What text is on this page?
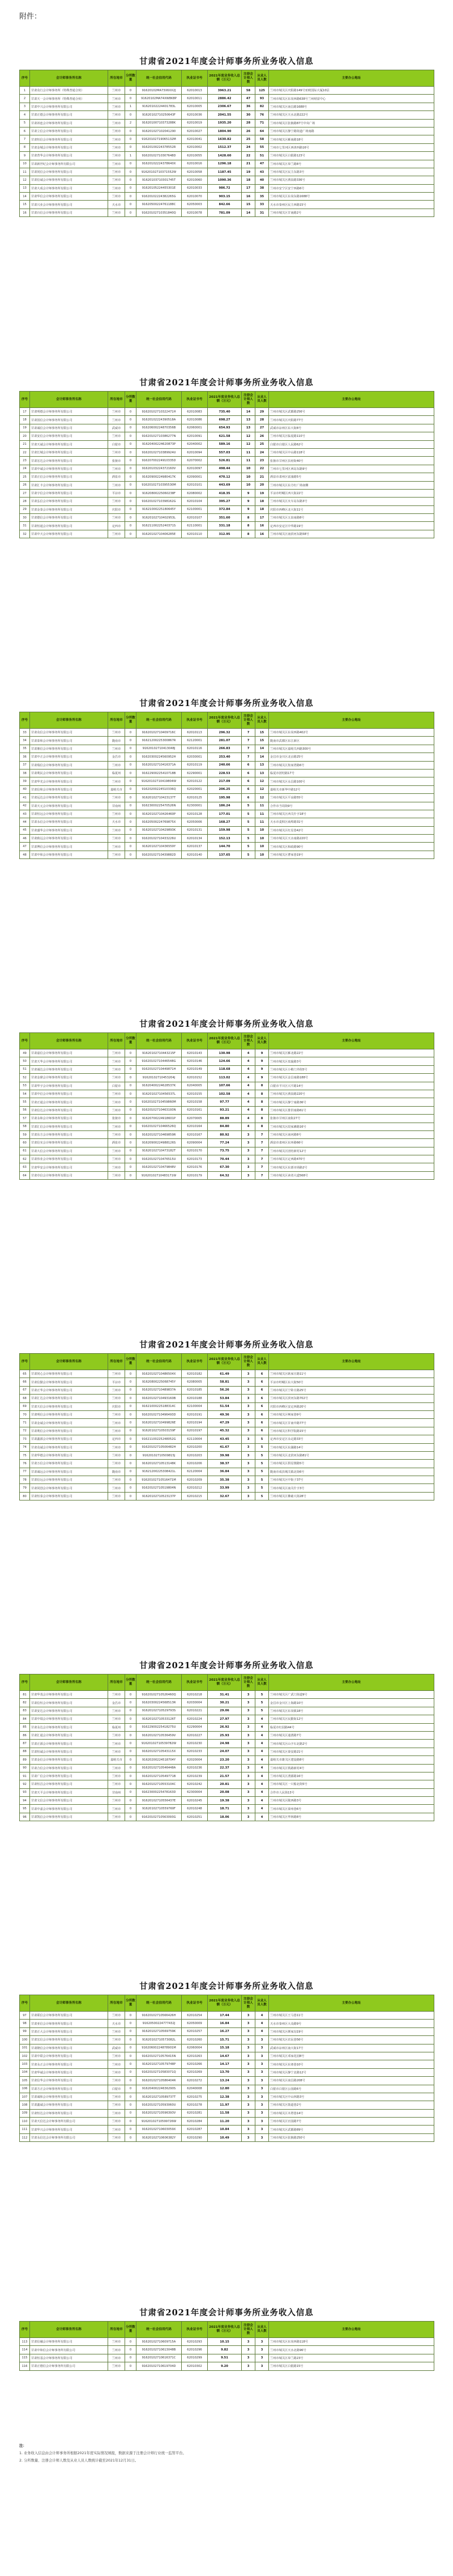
附件：
甘肃省2021年度会计师事务所业务收入信息
序号	会计师事务所名称	所在地市	分所数量	统一社会信用代码	执业证书号	2021年度业务收入总额（万元）	注册会计师人数	从业人员人数	主要办公地址
1	甘肃众行会计师事务所（特殊普通合伙）	兰州市	0	91620102MA73X6XX2J	62010013	3963.21	58	125	兰州市城关区庆阳路149号亚欧国际大厦10层
2	甘肃天一会计师事务所（特殊普通合伙）	兰州市	0	91620102MA74XW8K8P	62010011	2886.42	47	93	兰州市城关区东岗西路638号兰州财富中心
3	甘肃中兴会计师事务所有限公司	兰州市	1	91620102224401783L	62010005	2306.67	36	82	兰州市城关区南昌路1688号
4	甘肃正德会计师事务所有限公司	兰州市	0	91620102710250643F	62010036	2041.55	30	76	兰州市城关区天水北路222号
5	甘肃祁连会计师事务所有限公司	兰州市	2	91620100710373288K	62010019	1935.20	28	71	兰州市城关区张掖路87号中央广场
6	甘肃立信会计师事务所有限公司	兰州市	0	916201027102041290	62010027	1804.90	26	64	兰州市城关区静宁路街道广场南路
7	甘肃恒信会计师事务所有限公司	兰州市	0	91620102719065132M	62010041	1630.82	25	58	兰州市城关区雁南路18号
8	甘肃金城会计师事务所有限公司	兰州市	0	91620100224378552R	62010002	1512.37	24	55	兰州市七里河区西津西路16号
9	甘肃普华会计师事务所有限公司	兰州市	1	91620102710307648D	62010055	1428.60	22	51	兰州市城关区白银路123号
10	甘肃新世纪会计师事务所有限公司	兰州市	0	91620102224378640X	62010016	1296.18	21	47	兰州市城关区皋兰路8号
11	甘肃同信会计师事务所有限公司	兰州市	0	91620102710371552W	62010058	1187.45	19	43	兰州市城关区民主东路3号
12	甘肃信诚会计师事务所有限公司	兰州市	0	91620103710301745T	62010060	1090.36	18	40	兰州市城关区酒泉路336号
13	甘肃大成会计师事务所有限公司	兰州市	0	91620105224455301E	62010033	986.72	17	38	兰州市安宁区安宁西路6号
14	甘肃华信会计师事务所有限公司	兰州市	0	91620102224382265G	62010070	903.15	16	35	兰州市城关区东岗东路1688号
15	甘肃兴业会计师事务所有限公司	天水市	0	91620500224761188C	62050003	842.66	15	33	天水市秦州区民主西路15号
16	甘肃百信会计师事务所有限公司	兰州市	0	91620102710351840Q	62010078	781.09	14	31	兰州市城关区甘南路2号
甘肃省2021年度会计师事务所业务收入信息
序号	会计师事务所名称	所在地市	分所数量	统一社会信用代码	执业证书号	2021年度业务收入总额（万元）	注册会计师人数	从业人员人数	主要办公地址
17	甘肃明德会计师事务所有限公司	兰州市	0	91620102710322471H	62010083	735.40	14	29	兰州市城关区武都路256号
18	甘肃国信会计师事务所有限公司	兰州市	0	91620102224390518A	62010086	698.27	13	28	兰州市城关区庆阳路77号
19	甘肃诚信会计师事务所有限公司	武威市	0	91620600224870356B	62060001	654.93	13	27	武威市凉州区东大街8号
20	甘肃安信会计师事务所有限公司	兰州市	0	91620102710386277N	62010091	621.58	12	26	兰州市城关区临夏路110号
21	甘肃天诚会计师事务所有限公司	白银市	0	91620400224620873P	62040002	589.16	12	25	白银市白银区人民路62号
22	甘肃长城会计师事务所有限公司	兰州市	0	91620102710389924U	62010094	557.03	11	24	兰州市城关区中山路118号
23	甘肃宏达会计师事务所有限公司	张掖市	0	91620700224910335D	62070002	526.81	11	23	张掖市甘州区县府街40号
24	甘肃中诚会计师事务所有限公司	兰州市	0	91620103224372160V	62010097	498.44	10	22	兰州市七里河区西站东路9号
25	甘肃正信会计师事务所有限公司	酒泉市	0	91620900224980417K	62090001	470.12	10	21	酒泉市肃州区富康路5号
26	甘肃汇丰会计师事务所有限公司	兰州市	0	91620102710395530M	62010101	443.69	10	20	兰州市城关区东方红广场南侧
27	甘肃宇信会计师事务所有限公司	平凉市	0	91620800225060238F	62080002	418.35	9	19	平凉市崆峒区西大街22号
28	甘肃弘信会计师事务所有限公司	兰州市	0	91620102710398162G	62010104	395.27	9	18	兰州市城关区火车站东路3号
29	甘肃金泰会计师事务所有限公司	庆阳市	0	91621000225180645Y	62100001	372.84	9	18	庆阳市西峰区北大街11号
30	甘肃德信会计师事务所有限公司	兰州市	0	91620102710402953L	62010107	351.60	8	17	兰州市城关区五泉南路8号
31	甘肃恒通会计师事务所有限公司	定西市	0	91621100225240371S	62110001	331.18	8	16	定西市安定区中华路19号
32	甘肃中天会计师事务所有限公司	兰州市	0	91620102710406285E	62010110	312.95	8	16	兰州市城关区南滨河东路58号
甘肃省2021年度会计师事务所业务收入信息
序号	会计师事务所名称	所在地市	分所数量	统一社会信用代码	执业证书号	2021年度业务收入总额（万元）	注册会计师人数	从业人员人数	主要办公地址
33	甘肃众信会计师事务所有限公司	兰州市	0	91620102710409716C	62010113	296.32	7	15	兰州市城关区东岗西路402号
34	甘肃泰和会计师事务所有限公司	陇南市	0	91621200225300867R	62120001	281.07	7	15	陇南市武都区东江新区
35	甘肃鼎信会计师事务所有限公司	兰州市	0	91620102710413048J	62010116	266.83	7	14	兰州市城关区嘉峪关西路300号
36	甘肃中正会计师事务所有限公司	金昌市	0	91620300224560952H	62030001	253.40	7	14	金昌市金川区北京路25号
37	甘肃瑞信会计师事务所有限公司	兰州市	0	91620102710416371A	62010119	240.66	6	13	兰州市城关区焦家湾路6号
38	甘肃利民会计师事务所有限公司	临夏州	0	91622900225410718B	62290001	228.53	6	13	临夏市团结路17号
39	甘肃华光会计师事务所有限公司	兰州市	0	91620102710419804W	62010122	217.09	6	12	兰州市城关区永昌路100号
40	甘肃信和会计师事务所有限公司	嘉峪关市	0	91620200224510336Q	62020001	206.25	6	12	嘉峪关市新华中路12号
41	甘肃远达会计师事务所有限公司	兰州市	0	91620102710423137T	62010125	195.98	6	12	兰州市城关区平凉路55号
42	甘肃天元会计师事务所有限公司	甘南州	0	91623000225470526N	62300001	186.24	5	11	合作市当周街9号
43	甘肃恒远会计师事务所有限公司	兰州市	0	91620102710426460P	62010128	177.01	5	11	兰州市城关区西关什字18号
44	甘肃永信会计师事务所有限公司	天水市	0	91620500224769875X	62050006	168.27	5	11	天水市麦积区商埠路31号
45	甘肃盛华会计师事务所有限公司	兰州市	0	91620102710429893K	62010131	159.98	5	10	兰州市城关区红星巷42号
46	甘肃致远会计师事务所有限公司	兰州市	0	91620102710433226U	62010134	152.13	5	10	兰州市城关区天水南路220号
47	甘肃博信会计师事务所有限公司	兰州市	0	91620102710436559Y	62010137	144.70	5	10	兰州市城关区和政路90号
48	甘肃中和会计师事务所有限公司	兰州市	0	91620102710439882D	62010140	137.65	5	10	兰州市城关区曹家巷19号
甘肃省2021年度会计师事务所业务收入信息
序号	会计师事务所名称	所在地市	分所数量	统一社会信用代码	执业证书号	2021年度业务收入总额（万元）	注册会计师人数	从业人员人数	主要办公地址
49	甘肃嘉信会计师事务所有限公司	兰州市	0	91620102710443215F	62010143	130.98	4	9	兰州市城关区雁北路22号
50	甘肃天华会计师事务所有限公司	兰州市	0	91620102710446548G	62010146	124.66	4	9	兰州市城关区盘旋路3号
51	甘肃诚达会计师事务所有限公司	兰州市	0	91620102710449871H	62010149	118.68	4	9	兰州市城关区小稍门外街5号
52	甘肃金鼎会计师事务所有限公司	兰州市	0	91620102710453204J	62010152	113.02	4	9	兰州市城关区金昌南路188号
53	甘肃华宇会计师事务所有限公司	白银市	0	91620400224628537K	62040005	107.66	4	8	白银市平川区兴平路14号
54	甘肃中信会计师事务所有限公司	兰州市	0	91620102710456537L	62010155	102.58	4	8	兰州市城关区酒泉路220号
55	甘肃正通会计师事务所有限公司	兰州市	0	91620102710459860M	62010158	97.77	4	8	兰州市城关区静宁南路36号
56	甘肃信达会计师事务所有限公司	兰州市	0	91620102710463193N	62010161	93.21	4	8	兰州市城关区排洪南路61号
57	甘肃永和会计师事务所有限公司	张掖市	0	91620700224918601P	62070005	88.89	4	8	张掖市甘州区南街27号
58	甘肃汇信会计师事务所有限公司	兰州市	0	91620102710466526Q	62010164	84.80	4	8	兰州市城关区段家滩路16号
59	甘肃东方会计师事务所有限公司	兰州市	0	91620102710469859R	62010167	80.92	3	7	兰州市城关区南河路8号
60	甘肃信实会计师事务所有限公司	酒泉市	0	91620900224988126S	62090004	77.24	3	7	酒泉市肃州区东环路66号
61	甘肃大信会计师事务所有限公司	兰州市	0	91620102710473182T	62010170	73.75	3	7	兰州市城关区团结新村12号
62	甘肃伟业会计师事务所有限公司	兰州市	0	91620102710476515U	62010173	70.44	3	7	兰州市城关区定西路470号
63	甘肃华安会计师事务所有限公司	兰州市	0	91620102710479848V	62010176	67.30	3	7	兰州市城关区东部市场路2号
64	甘肃卓信会计师事务所有限公司	兰州市	0	91620102710483171W	62010179	64.32	3	7	兰州市城关区读者大道568号
甘肃省2021年度会计师事务所业务收入信息
序号	会计师事务所名称	所在地市	分所数量	统一社会信用代码	执业证书号	2021年度业务收入总额（万元）	注册会计师人数	从业人员人数	主要办公地址
65	甘肃同心会计师事务所有限公司	兰州市	0	91620102710486504X	62010182	61.49	3	6	兰州市城关区耿家庄路11号
66	甘肃信勤会计师事务所有限公司	平凉市	0	91620800225068745Y	62080005	58.81	3	6	平凉市崆峒区东大街50号
67	甘肃正华会计师事务所有限公司	兰州市	0	91620102710489837A	62010185	56.26	3	6	兰州市城关区宁卧庄路25号
68	甘肃汇达会计师事务所有限公司	兰州市	0	91620102710493160B	62010188	53.84	3	6	兰州市城关区滨河东路702号
69	甘肃天信会计师事务所有限公司	庆阳市	0	91621000225188314C	62100004	51.54	3	6	庆阳市西峰区安定西路20号
70	甘肃明信会计师事务所有限公司	兰州市	0	91620102710496493D	62010191	49.36	3	6	兰州市城关区畅家巷9号
71	甘肃金诚会计师事务所有限公司	兰州市	0	91620102710499826E	62010194	47.29	3	6	兰州市城关区甘南中路77号
72	甘肃利信会计师事务所有限公司	兰州市	0	91620102710503159F	62010197	45.32	3	6	兰州市城关区科学院路15号
73	甘肃鑫源会计师事务所有限公司	定西市	0	91621100225248052G	62110004	43.45	3	5	定西市安定区永定路33号
74	甘肃众诚会计师事务所有限公司	兰州市	0	91620102710506482H	62010200	41.67	3	5	兰州市城关区东湖路14号
75	甘肃华德会计师事务所有限公司	兰州市	0	91620102710509815J	62010203	39.98	3	5	兰州市城关区北滨河东路81号
76	甘肃万信会计师事务所有限公司	兰州市	0	91620102710513148K	62010206	38.37	3	5	兰州市城关区拱星墩路5号
77	甘肃诚远会计师事务所有限公司	陇南市	0	91621200225308421L	62120004	36.84	3	5	陇南市成县城关镇北街6号
78	甘肃信远会计师事务所有限公司	兰州市	0	91620102710516471M	62010209	35.38	3	5	兰州市城关区中街子37号
79	甘肃同创会计师事务所有限公司	兰州市	0	91620102710519804N	62010212	33.99	3	5	兰州市城关区南关什字3号
80	甘肃恒泰会计师事务所有限公司	兰州市	0	91620102710523137P	62010215	32.67	3	5	兰州市城关区佛慈大街28号
甘肃省2021年度会计师事务所业务收入信息
序号	会计师事务所名称	所在地市	分所数量	统一社会信用代码	执业证书号	2021年度业务收入总额（万元）	注册会计师人数	从业人员人数	主要办公地址
81	甘肃华茂会计师事务所有限公司	兰州市	0	91620102710526460Q	62010218	31.41	3	5	兰州市城关区广武门街道9号
82	甘肃信恒会计师事务所有限公司	金昌市	0	91620300224568513R	62030004	30.21	3	5	金昌市金川区上海路10号
83	甘肃安达会计师事务所有限公司	兰州市	0	91620102710529793S	62010221	29.06	3	5	兰州市城关区东岗镇18号
84	甘肃中瑞会计师事务所有限公司	兰州市	0	91620102710533126T	62010224	27.97	3	4	兰州市城关区民勤街12号
85	甘肃永达会计师事务所有限公司	临夏州	0	91622900225418275U	62290004	26.92	3	4	临夏市红园路44号
86	甘肃汇通会计师事务所有限公司	兰州市	0	91620102710536459V	62010227	25.93	3	4	兰州市城关区通渭路7号
87	甘肃正源会计师事务所有限公司	兰州市	0	91620102710539782W	62010230	24.98	3	4	兰州市城关区山字石北路2号
88	甘肃恒诚会计师事务所有限公司	兰州市	0	91620102710543115X	62010233	24.07	3	4	兰州市城关区秦安路21号
89	甘肃金信会计师事务所有限公司	嘉峪关市	0	91620200224518704Y	62020004	23.20	3	4	嘉峪关市雄关区建设路8号
90	甘肃合信会计师事务所有限公司	兰州市	0	91620102710546448A	62010236	22.37	3	4	兰州市城关区铁路新村4号
91	甘肃广信会计师事务所有限公司	兰州市	0	91620102710549771B	62010239	21.57	3	4	兰州市城关区渭源路16号
92	甘肃恒昌会计师事务所有限公司	兰州市	0	91620102710553104C	62010242	20.81	3	4	兰州市城关区一只船北街5号
93	甘肃天平会计师事务所有限公司	甘南州	0	91623000225478163D	62300004	20.08	3	4	合作市人民街13号
94	甘肃文信会计师事务所有限公司	兰州市	0	91620102710556437E	62010245	19.38	3	4	兰州市城关区陇西路3号
95	甘肃中嘉会计师事务所有限公司	兰州市	0	91620102710559760F	62010248	18.71	3	4	兰州市城关区秦州巷6号
96	甘肃凯信会计师事务所有限公司	兰州市	0	91620102710563093G	62010251	18.06	3	4	兰州市城关区华林路8号
甘肃省2021年度会计师事务所业务收入信息
序号	会计师事务所名称	所在地市	分所数量	统一社会信用代码	执业证书号	2021年度业务收入总额（万元）	注册会计师人数	从业人员人数	主要办公地址
97	甘肃联信会计师事务所有限公司	兰州市	0	91620102710566426H	62010254	17.44	3	4	兰州市城关区王马巷11号
98	甘肃亚信会计师事务所有限公司	天水市	0	91620500224777432J	62050009	16.84	3	4	天水市秦州区大众路9号
99	甘肃正大会计师事务所有限公司	兰州市	0	91620102710569759K	62010257	16.27	3	4	兰州市城关区颜家沟19号
100	甘肃宏信会计师事务所有限公司	兰州市	0	91620102710573082L	62010260	15.71	3	3	兰州市城关区农民巷56号
101	甘肃隆信会计师事务所有限公司	武威市	0	91620600224878901M	62060004	15.18	3	3	武威市凉州区南大街17号
102	甘肃中联会计师事务所有限公司	兰州市	0	91620102710576415N	62010263	14.67	3	3	兰州市城关区邓家花园8号
103	甘肃永正会计师事务所有限公司	兰州市	0	91620102710579748P	62010266	14.17	3	3	兰州市城关区东郊巷10号
104	甘肃华诚会计师事务所有限公司	兰州市	0	91620102710583071Q	62010269	13.70	3	3	兰州市城关区静宁北路12号
105	甘肃信华会计师事务所有限公司	兰州市	0	91620102710586404R	62010272	13.24	3	3	兰州市城关区南昌路208号
106	甘肃方正会计师事务所有限公司	白银市	0	91620400224636290S	62040008	12.80	3	3	白银市白银区公园路6号
107	甘肃诚和会计师事务所有限公司	兰州市	0	91620102710589737T	62010275	12.38	3	3	兰州市城关区中山林路3号
108	甘肃鑫诚会计师事务所有限公司	兰州市	0	91620102710593060U	62010278	11.97	3	3	兰州市城关区箭道巷2号
109	甘肃恒达会计师事务所有限公司	兰州市	0	91620102710596393V	62010281	11.58	3	3	兰州市城关区木塔巷14号
110	甘肃天信达会计师事务所有限公司	兰州市	0	91620102710599726W	62010284	11.20	3	3	兰州市城关区官园路7号
111	甘肃华兴会计师事务所有限公司	兰州市	0	91620102710603059X	62010287	10.84	3	3	兰州市城关区武都路89号
112	甘肃永信达会计师事务所有限公司	兰州市	0	91620102710606382Y	62010290	10.49	3	3	兰州市城关区张掖路250号
甘肃省2021年度会计师事务所业务收入信息
序号	会计师事务所名称	所在地市	分所数量	统一社会信用代码	执业证书号	2021年度业务收入总额（万元）	注册会计师人数	从业人员人数	主要办公地址
113	甘肃信融会计师事务所有限公司	兰州市	0	91620102710609715A	62010293	10.15	3	3	兰州市城关区东岗西路118号
114	甘肃中和信会计师事务所有限公司	兰州市	0	91620102710613048B	62010296	9.82	3	3	兰州市城关区天水北路96号
115	甘肃恒基会计师事务所有限公司	兰州市	0	91620102710616371C	62010299	9.51	3	3	兰州市城关区皋兰路23号
116	甘肃正德信会计师事务所有限公司	兰州市	0	91620102710619704D	62010302	9.20	3	3	兰州市城关区白银路15号
注：
1. 业务收入信息由会计师事务所根据2021年度实际情况填报，数据来源于注册会计师行业统一监管平台。
2. 分所数量、注册会计师人数及从业人员人数统计截至2021年12月31日。
